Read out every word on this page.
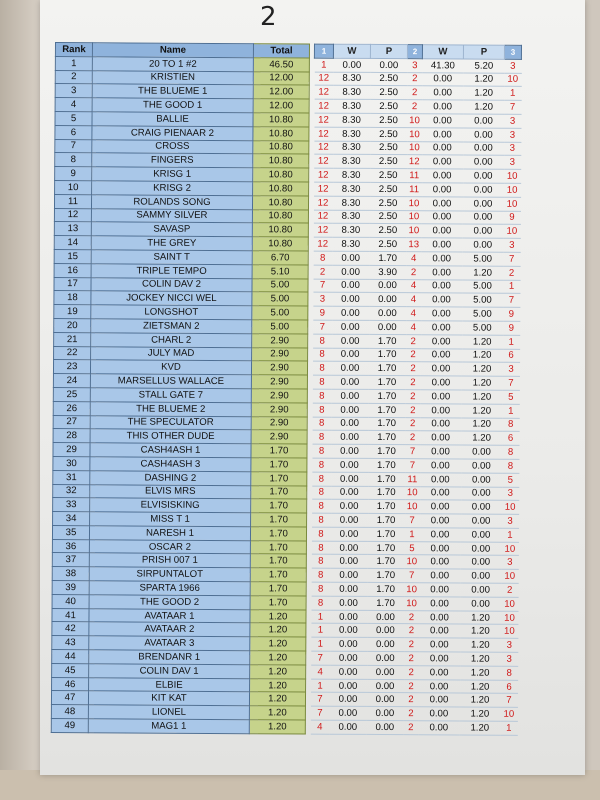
2
Rank	Name	Total		1	W	P	2	W	P	3
1	20 TO 1 #2	46.50		1	0.00	0.00	3	41.30	5.20	3
2	KRISTIEN	12.00		12	8.30	2.50	2	0.00	1.20	10
3	THE BLUEME 1	12.00		12	8.30	2.50	2	0.00	1.20	1
4	THE GOOD 1	12.00		12	8.30	2.50	2	0.00	1.20	7
5	BALLIE	10.80		12	8.30	2.50	10	0.00	0.00	3
6	CRAIG PIENAAR 2	10.80		12	8.30	2.50	10	0.00	0.00	3
7	CROSS	10.80		12	8.30	2.50	10	0.00	0.00	3
8	FINGERS	10.80		12	8.30	2.50	12	0.00	0.00	3
9	KRISG 1	10.80		12	8.30	2.50	11	0.00	0.00	10
10	KRISG 2	10.80		12	8.30	2.50	11	0.00	0.00	10
11	ROLANDS SONG	10.80		12	8.30	2.50	10	0.00	0.00	10
12	SAMMY SILVER	10.80		12	8.30	2.50	10	0.00	0.00	9
13	SAVASP	10.80		12	8.30	2.50	10	0.00	0.00	10
14	THE GREY	10.80		12	8.30	2.50	13	0.00	0.00	3
15	SAINT T	6.70		8	0.00	1.70	4	0.00	5.00	7
16	TRIPLE TEMPO	5.10		2	0.00	3.90	2	0.00	1.20	2
17	COLIN DAV 2	5.00		7	0.00	0.00	4	0.00	5.00	1
18	JOCKEY NICCI WEL	5.00		3	0.00	0.00	4	0.00	5.00	7
19	LONGSHOT	5.00		9	0.00	0.00	4	0.00	5.00	9
20	ZIETSMAN 2	5.00		7	0.00	0.00	4	0.00	5.00	9
21	CHARL 2	2.90		8	0.00	1.70	2	0.00	1.20	1
22	JULY MAD	2.90		8	0.00	1.70	2	0.00	1.20	6
23	KVD	2.90		8	0.00	1.70	2	0.00	1.20	3
24	MARSELLUS WALLACE	2.90		8	0.00	1.70	2	0.00	1.20	7
25	STALL GATE 7	2.90		8	0.00	1.70	2	0.00	1.20	5
26	THE BLUEME 2	2.90		8	0.00	1.70	2	0.00	1.20	1
27	THE SPECULATOR	2.90		8	0.00	1.70	2	0.00	1.20	8
28	THIS OTHER DUDE	2.90		8	0.00	1.70	2	0.00	1.20	6
29	CASH4ASH 1	1.70		8	0.00	1.70	7	0.00	0.00	8
30	CASH4ASH 3	1.70		8	0.00	1.70	7	0.00	0.00	8
31	DASHING 2	1.70		8	0.00	1.70	11	0.00	0.00	5
32	ELVIS MRS	1.70		8	0.00	1.70	10	0.00	0.00	3
33	ELVISISKING	1.70		8	0.00	1.70	10	0.00	0.00	10
34	MISS T 1	1.70		8	0.00	1.70	7	0.00	0.00	3
35	NARESH 1	1.70		8	0.00	1.70	1	0.00	0.00	1
36	OSCAR 2	1.70		8	0.00	1.70	5	0.00	0.00	10
37	PRISH 007 1	1.70		8	0.00	1.70	10	0.00	0.00	3
38	SIRPUNTALOT	1.70		8	0.00	1.70	7	0.00	0.00	10
39	SPARTA 1966	1.70		8	0.00	1.70	10	0.00	0.00	2
40	THE GOOD 2	1.70		8	0.00	1.70	10	0.00	0.00	10
41	AVATAAR 1	1.20		1	0.00	0.00	2	0.00	1.20	10
42	AVATAAR 2	1.20		1	0.00	0.00	2	0.00	1.20	10
43	AVATAAR 3	1.20		1	0.00	0.00	2	0.00	1.20	3
44	BRENDANR 1	1.20		7	0.00	0.00	2	0.00	1.20	3
45	COLIN DAV 1	1.20		4	0.00	0.00	2	0.00	1.20	8
46	ELBIE	1.20		1	0.00	0.00	2	0.00	1.20	6
47	KIT KAT	1.20		7	0.00	0.00	2	0.00	1.20	7
48	LIONEL	1.20		7	0.00	0.00	2	0.00	1.20	10
49	MAG1 1	1.20		4	0.00	0.00	2	0.00	1.20	1
